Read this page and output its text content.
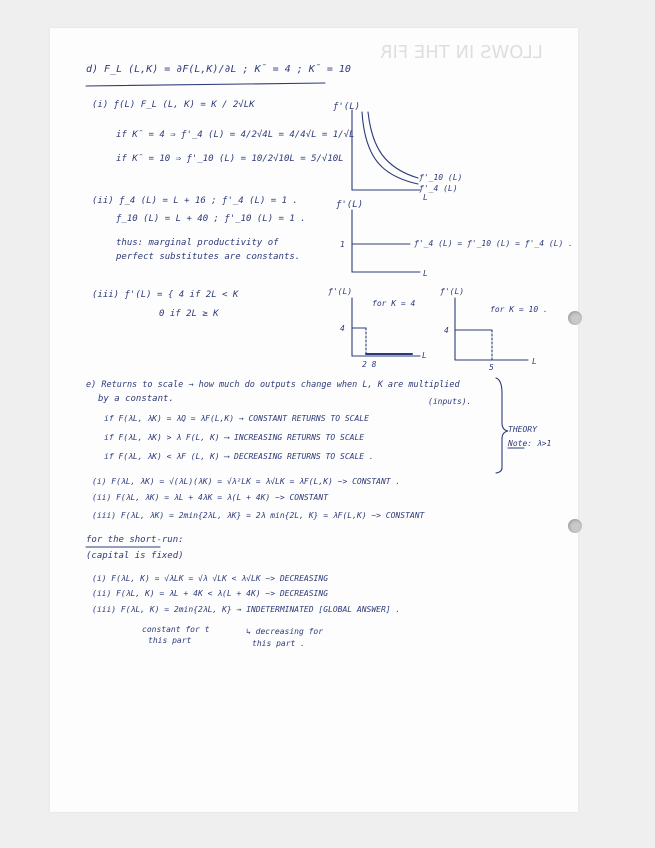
LLOWS IN THE FIR
d) F_L (L,K) = ∂F(L,K)/∂L ; K̄ = 4 ; K̄ = 10
(i) ƒ(L) F_L (L, K) = K / 2√LK
if K̄ = 4 ⇒ ƒ'_4 (L) = 4/2√4L = 4/4√L = 1/√L
if K̄ = 10 ⇒ ƒ'_10 (L) = 10/2√10L = 5/√10L
ƒ'(L)
ƒ'_10 (L)
ƒ'_4 (L)
L
(ii) ƒ_4 (L) = L + 16 ; ƒ'_4 (L) = 1 .
ƒ_10 (L) = L + 40 ; ƒ'_10 (L) = 1 .
thus: marginal productivity of
perfect substitutes are constants.
ƒ'(L)
1	ƒ'_4 (L) = ƒ'_10 (L) = ƒ'_4 (L) .
L
(iii) ƒ'(L) = { 4 if 2L < K
0 if 2L ≥ K
ƒ'(L)
for K = 4
4
2 8
L
ƒ'(L)
for K = 10 .
4
5
L
e) Returns to scale → how much do outputs change when L, K are multiplied
by a constant.	(inputs).
if F(λL, λK) = λQ = λF(L,K) → CONSTANT RETURNS TO SCALE
if F(λL, λK) > λ F(L, K) ⟶ INCREASING RETURNS TO SCALE
if F(λL, λK) < λF (L, K) ⟶ DECREASING RETURNS TO SCALE .
THEORY
Note: λ>1
(i) F(λL, λK) = √(λL)(λK) = √λ²LK = λ√LK = λF(L,K) ~> CONSTANT .
(ii) F(λL, λK) = λL + 4λK = λ(L + 4K) ~> CONSTANT
(iii) F(λL, λK) = 2min{2λL, λK} = 2λ min{2L, K} = λF(L,K) ~> CONSTANT
for the short-run:
(capital is fixed)
(i) F(λL, K) = √λLK = √λ √LK < λ√LK ~> DECREASING
(ii) F(λL, K) = λL + 4K < λ(L + 4K) ~> DECREASING
(iii) F(λL, K) = 2min{2λL, K} → INDETERMINATED [GLOBAL ANSWER] .
constant for t
this part
↳ decreasing for
this part .
